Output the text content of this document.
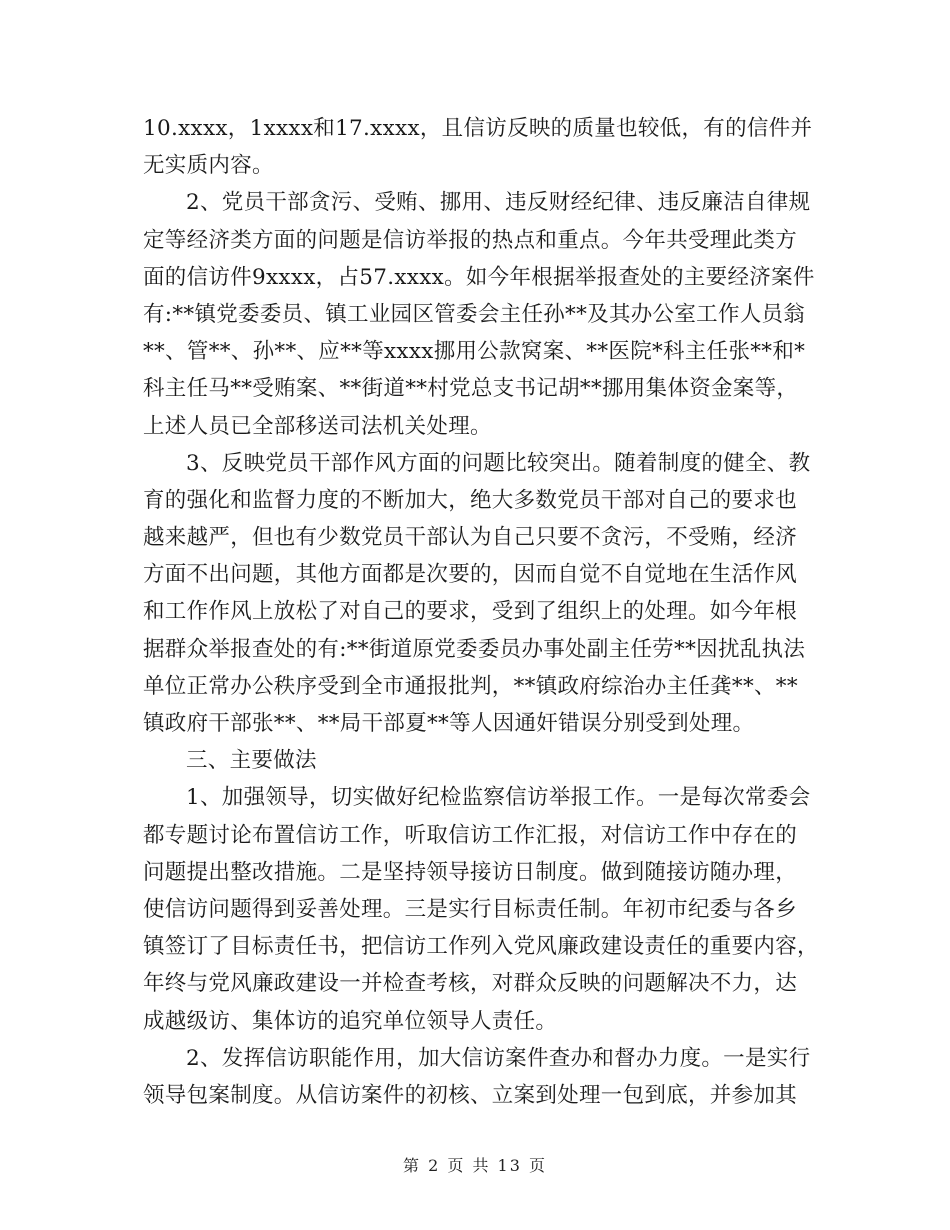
10.xxxx，1xxxx和17.xxxx，且信访反映的质量也较低，有的信件并
无实质内容。
2、党员干部贪污、受贿、挪用、违反财经纪律、违反廉洁自律规
定等经济类方面的问题是信访举报的热点和重点。今年共受理此类方
面的信访件9xxxx，占57.xxxx。如今年根据举报查处的主要经济案件
有:**镇党委委员、镇工业园区管委会主任孙**及其办公室工作人员翁
**、管**、孙**、应**等xxxx挪用公款窝案、**医院*科主任张**和*
科主任马**受贿案、**街道**村党总支书记胡**挪用集体资金案等，
上述人员已全部移送司法机关处理。
3、反映党员干部作风方面的问题比较突出。随着制度的健全、教
育的强化和监督力度的不断加大，绝大多数党员干部对自己的要求也
越来越严，但也有少数党员干部认为自己只要不贪污，不受贿，经济
方面不出问题，其他方面都是次要的，因而自觉不自觉地在生活作风
和工作作风上放松了对自己的要求，受到了组织上的处理。如今年根
据群众举报查处的有:**街道原党委委员办事处副主任劳**因扰乱执法
单位正常办公秩序受到全市通报批判，**镇政府综治办主任龚**、**
镇政府干部张**、**局干部夏**等人因通奸错误分别受到处理。
三、主要做法
1、加强领导，切实做好纪检监察信访举报工作。一是每次常委会
都专题讨论布置信访工作，听取信访工作汇报，对信访工作中存在的
问题提出整改措施。二是坚持领导接访日制度。做到随接访随办理，
使信访问题得到妥善处理。三是实行目标责任制。年初市纪委与各乡
镇签订了目标责任书，把信访工作列入党风廉政建设责任的重要内容，
年终与党风廉政建设一并检查考核，对群众反映的问题解决不力，达
成越级访、集体访的追究单位领导人责任。
2、发挥信访职能作用，加大信访案件查办和督办力度。一是实行
领导包案制度。从信访案件的初核、立案到处理一包到底，并参加其
第 2 页 共 13 页
